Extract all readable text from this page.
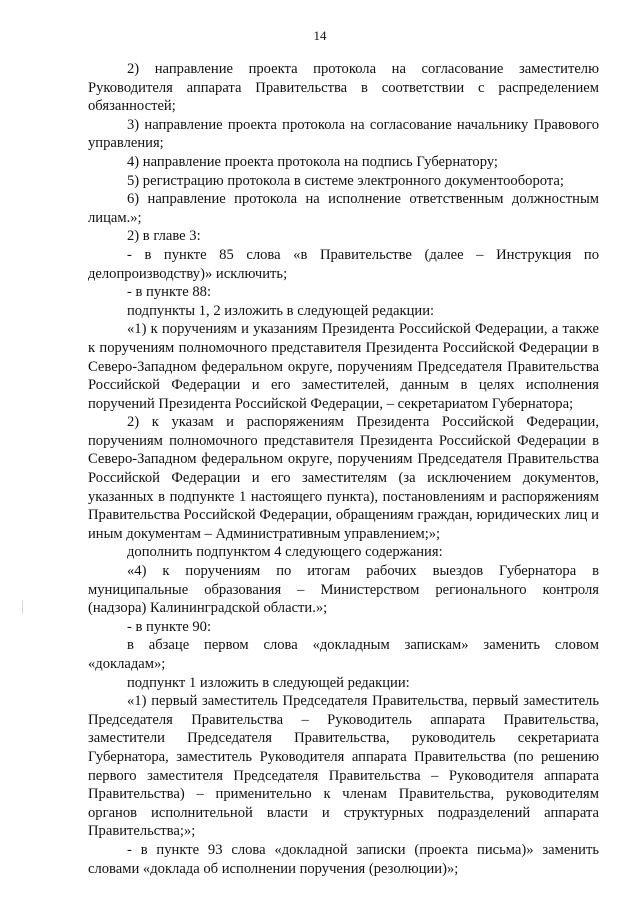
14

2) направление проекта протокола на согласование заместителю Руководителя аппарата Правительства в соответствии с распределением обязанностей;

3) направление проекта протокола на согласование начальнику Правового управления;

4) направление проекта протокола на подпись Губернатору;

5) регистрацию протокола в системе электронного документооборота;

6) направление протокола на исполнение ответственным должностным лицам.»;

2) в главе 3:

- в пункте 85 слова «в Правительстве (далее – Инструкция по делопроизводству)» исключить;

- в пункте 88:

подпункты 1, 2 изложить в следующей редакции:

«1) к поручениям и указаниям Президента Российской Федерации, а также к поручениям полномочного представителя Президента Российской Федерации в Северо-Западном федеральном округе, поручениям Председателя Правительства Российской Федерации и его заместителей, данным в целях исполнения поручений Президента Российской Федерации, – секретариатом Губернатора;

2) к указам и распоряжениям Президента Российской Федерации, поручениям полномочного представителя Президента Российской Федерации в Северо-Западном федеральном округе, поручениям Председателя Правительства Российской Федерации и его заместителям (за исключением документов, указанных в подпункте 1 настоящего пункта), постановлениям и распоряжениям Правительства Российской Федерации, обращениям граждан, юридических лиц и иным документам – Административным управлением;»;

дополнить подпунктом 4 следующего содержания:

«4) к поручениям по итогам рабочих выездов Губернатора в муниципальные образования – Министерством регионального контроля (надзора) Калининградской области.»;

- в пункте 90:

в абзаце первом слова «докладным запискам» заменить словом «докладам»;

подпункт 1 изложить в следующей редакции:

«1) первый заместитель Председателя Правительства, первый заместитель Председателя Правительства – Руководитель аппарата Правительства, заместители Председателя Правительства, руководитель секретариата Губернатора, заместитель Руководителя аппарата Правительства (по решению первого заместителя Председателя Правительства – Руководителя аппарата Правительства) – применительно к членам Правительства, руководителям органов исполнительной власти и структурных подразделений аппарата Правительства;»;

- в пункте 93 слова «докладной записки (проекта письма)» заменить словами «доклада об исполнении поручения (резолюции)»;
